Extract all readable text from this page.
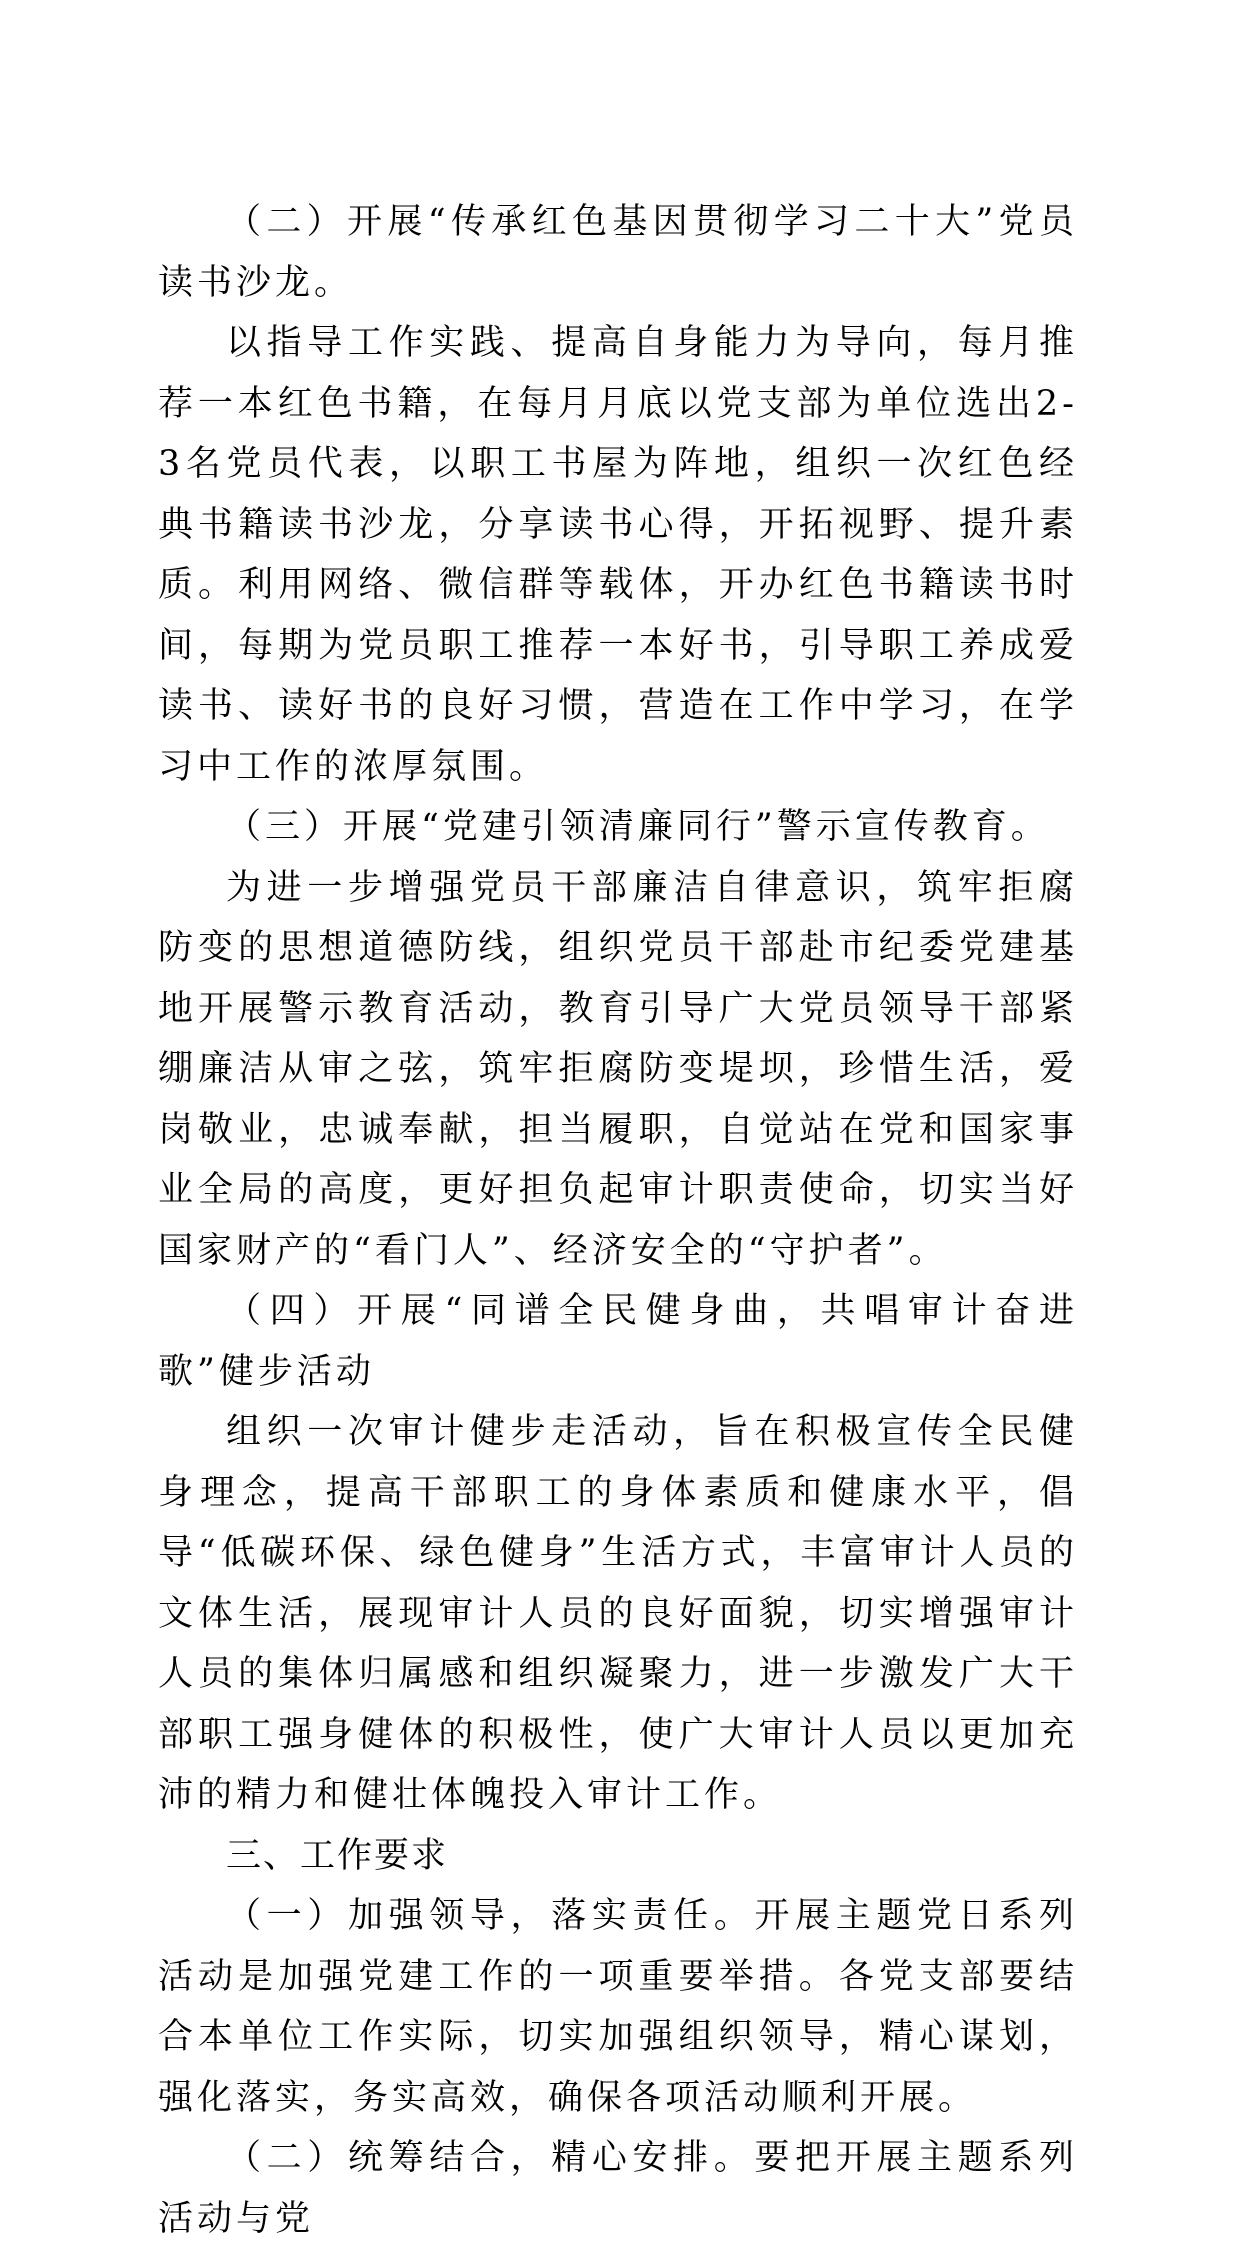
（二）开展“传承红色基因贯彻学习二十大”党员读书沙龙。

以指导工作实践、提高自身能力为导向，每月推荐一本红色书籍，在每月月底以党支部为单位选出2-3名党员代表，以职工书屋为阵地，组织一次红色经典书籍读书沙龙，分享读书心得，开拓视野、提升素质。利用网络、微信群等载体，开办红色书籍读书时间，每期为党员职工推荐一本好书，引导职工养成爱读书、读好书的良好习惯，营造在工作中学习，在学习中工作的浓厚氛围。

（三）开展“党建引领清廉同行”警示宣传教育。

为进一步增强党员干部廉洁自律意识，筑牢拒腐防变的思想道德防线，组织党员干部赴市纪委党建基地开展警示教育活动，教育引导广大党员领导干部紧绷廉洁从审之弦，筑牢拒腐防变堤坝，珍惜生活，爱岗敬业，忠诚奉献，担当履职，自觉站在党和国家事业全局的高度，更好担负起审计职责使命，切实当好国家财产的“看门人”、经济安全的“守护者”。

（四）开展“同谱全民健身曲，共唱审计奋进歌”健步活动

组织一次审计健步走活动，旨在积极宣传全民健身理念，提高干部职工的身体素质和健康水平，倡导“低碳环保、绿色健身”生活方式，丰富审计人员的文体生活，展现审计人员的良好面貌，切实增强审计人员的集体归属感和组织凝聚力，进一步激发广大干部职工强身健体的积极性，使广大审计人员以更加充沛的精力和健壮体魄投入审计工作。

三、工作要求

（一）加强领导，落实责任。开展主题党日系列活动是加强党建工作的一项重要举措。各党支部要结合本单位工作实际，切实加强组织领导，精心谋划，强化落实，务实高效，确保各项活动顺利开展。

（二）统筹结合，精心安排。要把开展主题系列活动与党
